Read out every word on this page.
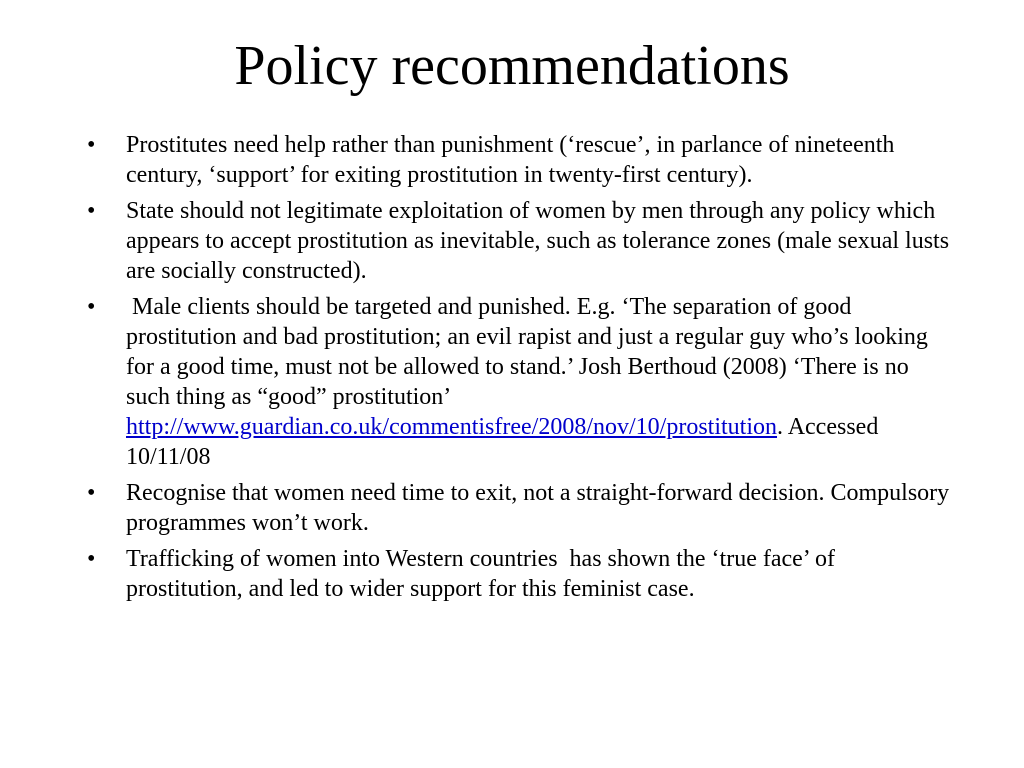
Policy recommendations
•	Prostitutes need help rather than punishment (‘rescue’, in parlance of nineteenth century, ‘support’ for exiting prostitution in twenty-first century).
•	State should not legitimate exploitation of women by men through any policy which appears to accept prostitution as inevitable, such as tolerance zones (male sexual lusts are socially constructed).
•	Male clients should be targeted and punished. E.g. ‘The separation of good prostitution and bad prostitution; an evil rapist and just a regular guy who’s looking for a good time, must not be allowed to stand.’ Josh Berthoud (2008) ‘There is no such thing as “good” prostitution’ http://www.guardian.co.uk/commentisfree/2008/nov/10/prostitution. Accessed 10/11/08
•	Recognise that women need time to exit, not a straight-forward decision. Compulsory programmes won’t work.
•	Trafficking of women into Western countries  has shown the ‘true face’ of prostitution, and led to wider support for this feminist case.
